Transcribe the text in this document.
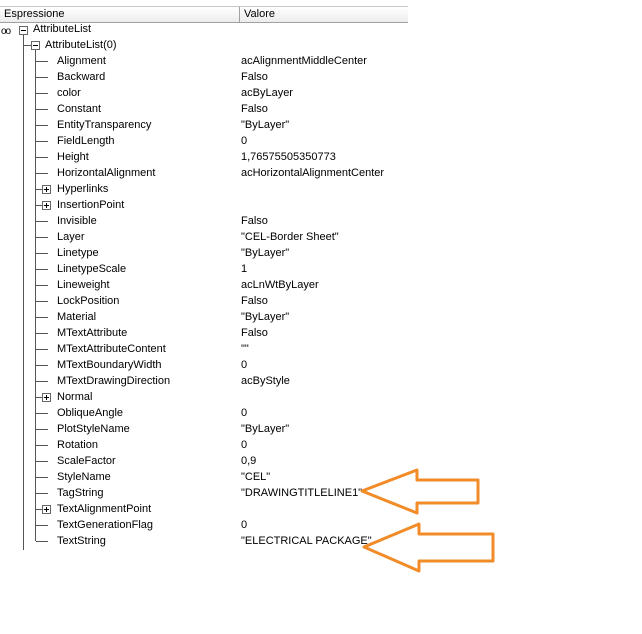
Espressione	Valore
oo AttributeList
AttributeList(0)
Alignment	acAlignmentMiddleCenter
Backward	Falso
color	acByLayer
Constant	Falso
EntityTransparency	"ByLayer"
FieldLength	0
Height	1,76575505350773
HorizontalAlignment	acHorizontalAlignmentCenter
Hyperlinks
InsertionPoint
Invisible	Falso
Layer	"CEL-Border Sheet"
Linetype	"ByLayer"
LinetypeScale	1
Lineweight	acLnWtByLayer
LockPosition	Falso
Material	"ByLayer"
MTextAttribute	Falso
MTextAttributeContent	""
MTextBoundaryWidth	0
MTextDrawingDirection	acByStyle
Normal
ObliqueAngle	0
PlotStyleName	"ByLayer"
Rotation	0
ScaleFactor	0,9
StyleName	"CEL"
TagString	"DRAWINGTITLELINE1"
TextAlignmentPoint
TextGenerationFlag	0
TextString	"ELECTRICAL PACKAGE"
